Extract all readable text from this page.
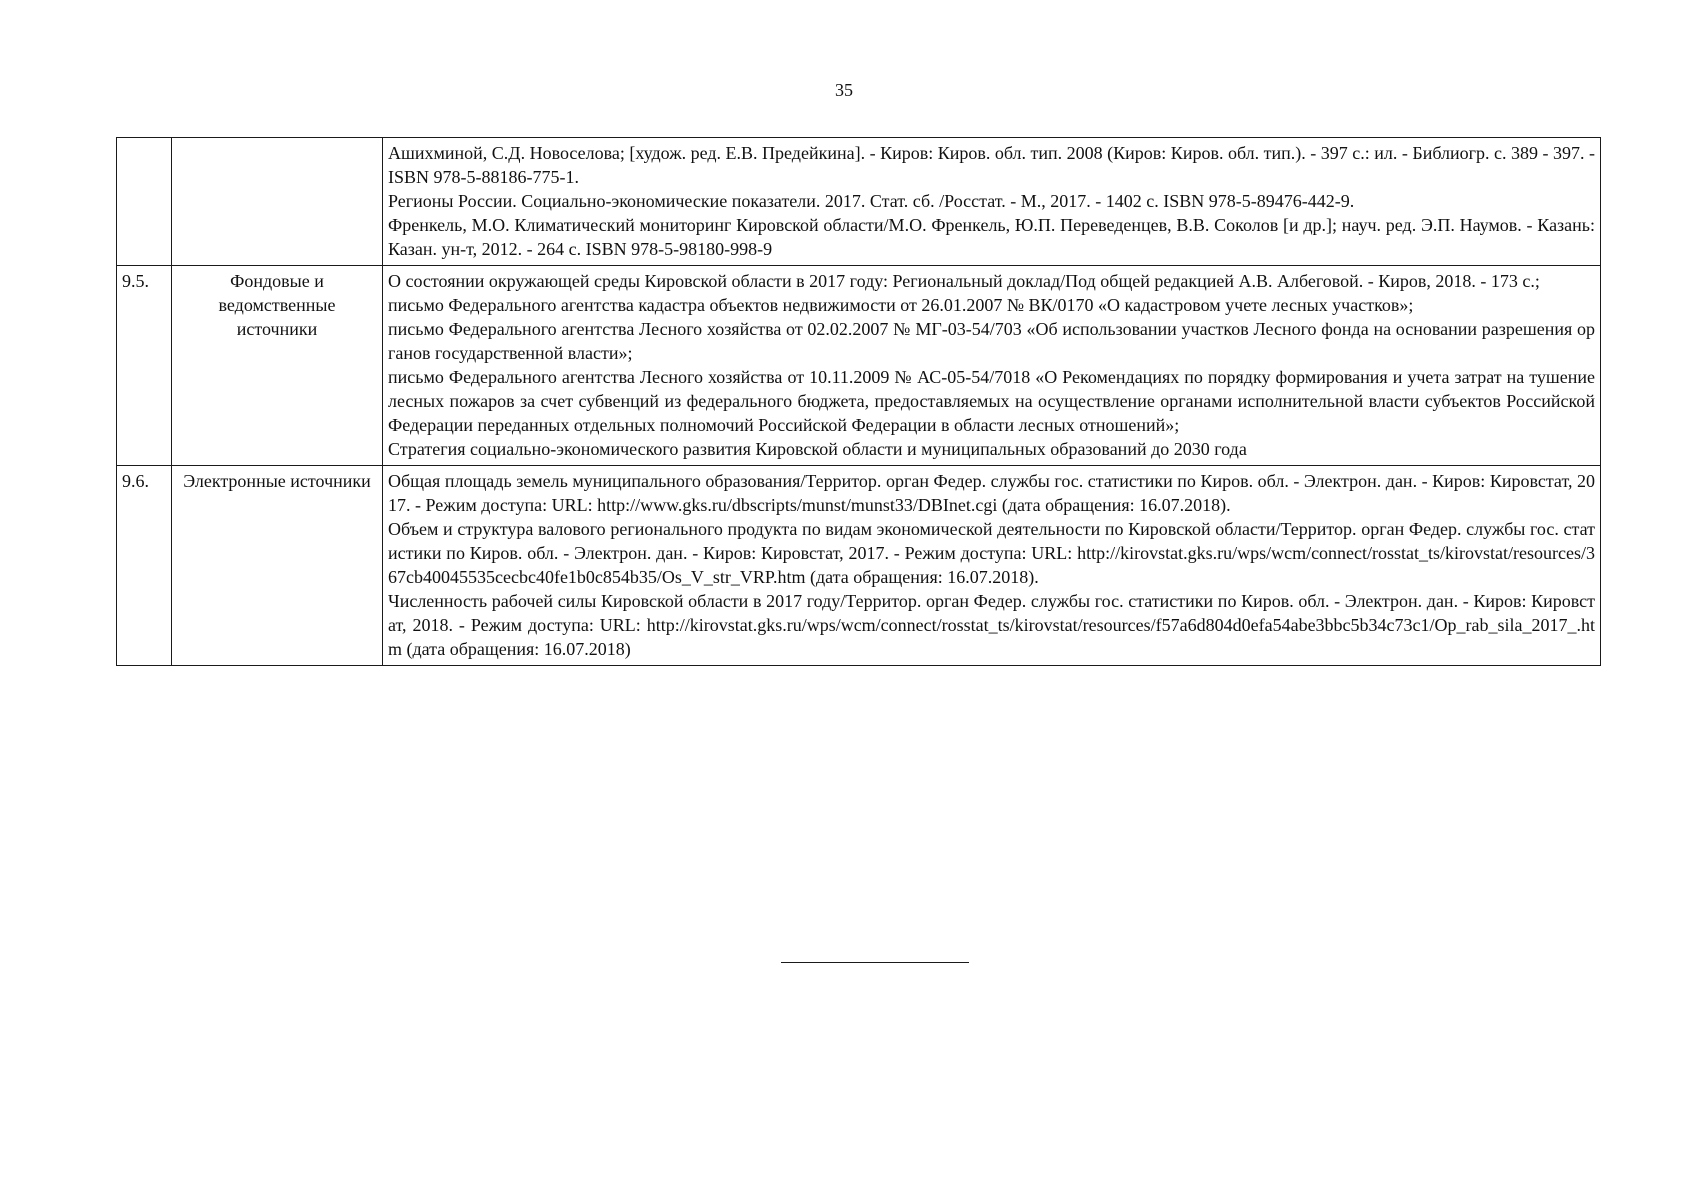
35

		Ашихминой, С.Д. Новоселова; [худож. ред. Е.В. Предейкина]. - Киров: Киров. обл. тип. 2008 (Киров: Киров. обл. тип.). - 397 с.: ил. - Библиогр. с. 389 - 397. - ISBN 978-5-88186-775-1.
Регионы России. Социально-экономические показатели. 2017. Стат. сб. /Росстат. - М., 2017. - 1402 с. ISBN 978-5-89476-442-9.
Френкель, М.О. Климатический мониторинг Кировской области/М.О. Френкель, Ю.П. Переведенцев, В.В. Соколов [и др.]; науч. ред. Э.П. Наумов. - Казань: Казан. ун-т, 2012. - 264 с. ISBN 978-5-98180-998-9

9.5.	Фондовые и ведомственные источники	О состоянии окружающей среды Кировской области в 2017 году: Региональный доклад/Под общей редакцией А.В. Албеговой. - Киров, 2018. - 173 с.;
письмо Федерального агентства кадастра объектов недвижимости от 26.01.2007 № ВК/0170 «О кадастровом учете лесных участков»;
письмо Федерального агентства Лесного хозяйства от 02.02.2007 № МГ-03-54/703 «Об использовании участков Лесного фонда на основании разрешения органов государственной власти»;
письмо Федерального агентства Лесного хозяйства от 10.11.2009 № АС-05-54/7018 «О Рекомендациях по порядку формирования и учета затрат на тушение лесных пожаров за счет субвенций из федерального бюджета, предоставляемых на осуществление органами исполнительной власти субъектов Российской Федерации переданных отдельных полномочий Российской Федерации в области лесных отношений»;
Стратегия социально-экономического развития Кировской области и муниципальных образований до 2030 года

9.6.	Электронные источники	Общая площадь земель муниципального образования/Территор. орган Федер. службы гос. статистики по Киров. обл. - Электрон. дан. - Киров: Кировстат, 2017. - Режим доступа: URL: http://www.gks.ru/dbscripts/munst/munst33/DBInet.cgi (дата обращения: 16.07.2018).
Объем и структура валового регионального продукта по видам экономической деятельности по Кировской области/Территор. орган Федер. службы гос. статистики по Киров. обл. - Электрон. дан. - Киров: Кировстат, 2017. - Режим доступа: URL: http://kirovstat.gks.ru/wps/wcm/connect/rosstat_ts/kirovstat/resources/367cb40045535cecbc40fe1b0c854b35/Os_V_str_VRP.htm (дата обращения: 16.07.2018).
Численность рабочей силы Кировской области в 2017 году/Территор. орган Федер. службы гос. статистики по Киров. обл. - Электрон. дан. - Киров: Кировстат, 2018. - Режим доступа: URL: http://kirovstat.gks.ru/wps/wcm/connect/rosstat_ts/kirovstat/resources/f57a6d804d0efa54abe3bbc5b34c73c1/Op_rab_sila_2017_.htm (дата обращения: 16.07.2018)
